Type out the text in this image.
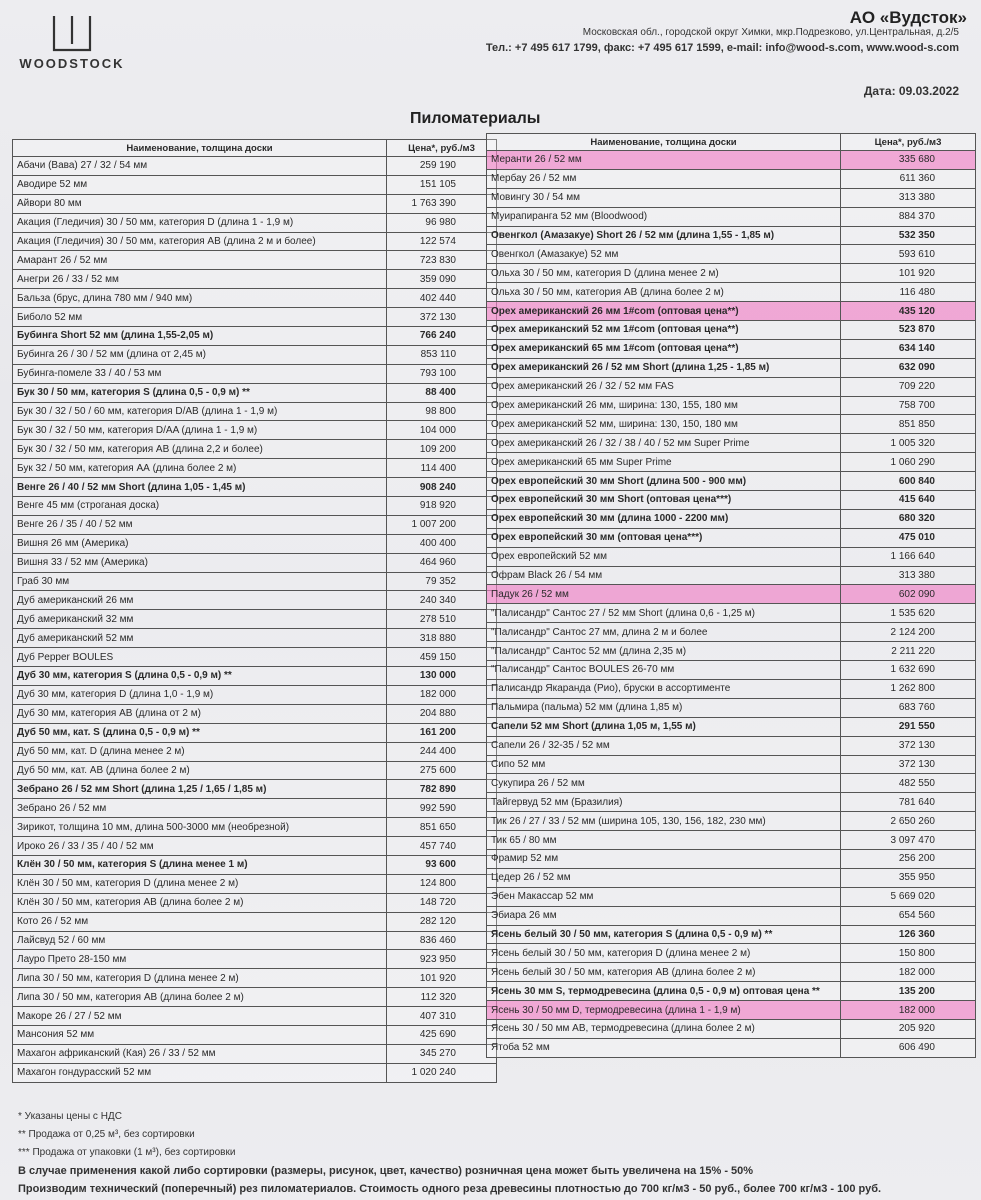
WOODSTOCK
АО «Вудсток»
Московская обл., городской округ Химки, мкр.Подрезково, ул.Центральная, д.2/5
Тел.: +7 495 617 1799, факс: +7 495 617 1599, e-mail: info@wood-s.com, www.wood-s.com
Дата: 09.03.2022
Пиломатериалы
Наименование, толщина доски	Цена*, руб./м3
Абачи (Вава) 27 / 32 / 54 мм	259 190
Аводире 52 мм	151 105
Айвори 80 мм	1 763 390
Акация (Гледичия) 30 / 50 мм, категория D (длина 1 - 1,9 м)	96 980
Акация (Гледичия) 30 / 50 мм, категория АВ (длина 2 м и более)	122 574
Амарант 26 / 52 мм	723 830
Анегри 26 / 33 / 52 мм	359 090
Бальза (брус, длина 780 мм / 940 мм)	402 440
Биболо 52 мм	372 130
Бубинга Short 52 мм (длина 1,55-2,05 м)	766 240
Бубинга 26 / 30 / 52 мм (длина от 2,45 м)	853 110
Бубинга-помеле 33 / 40 / 53 мм	793 100
Бук 30 / 50 мм, категория S (длина 0,5 - 0,9 м) **	88 400
Бук 30 / 32 / 50 / 60 мм, категория D/AB (длина 1 - 1,9 м)	98 800
Бук 30 / 32 / 50 мм, категория D/AA (длина 1 - 1,9 м)	104 000
Бук 30 / 32 / 50 мм, категория АВ (длина 2,2 и более)	109 200
Бук 32 / 50 мм, категория АА (длина более 2 м)	114 400
Венге 26 / 40 / 52 мм Short (длина 1,05 - 1,45 м)	908 240
Венге 45 мм (строганая доска)	918 920
Венге 26 / 35 / 40 / 52 мм	1 007 200
Вишня 26 мм (Америка)	400 400
Вишня 33 / 52 мм (Америка)	464 960
Граб 30 мм	79 352
Дуб американский 26 мм	240 340
Дуб американский 32 мм	278 510
Дуб американский 52 мм	318 880
Дуб Pepper BOULES	459 150
Дуб 30 мм, категория S (длина 0,5 - 0,9 м) **	130 000
Дуб 30 мм, категория D (длина 1,0 - 1,9 м)	182 000
Дуб 30 мм, категория АВ (длина от 2 м)	204 880
Дуб 50 мм, кат. S (длина 0,5 - 0,9 м) **	161 200
Дуб 50 мм, кат. D (длина менее 2 м)	244 400
Дуб 50 мм, кат. АВ (длина более 2 м)	275 600
Зебрано 26 / 52 мм Short (длина 1,25 / 1,65 / 1,85 м)	782 890
Зебрано 26 / 52 мм	992 590
Зирикот, толщина 10 мм, длина 500-3000 мм (необрезной)	851 650
Ироко 26 / 33 / 35 / 40 / 52 мм	457 740
Клён 30 / 50 мм, категория S (длина менее 1 м)	93 600
Клён 30 / 50 мм, категория D (длина менее 2 м)	124 800
Клён 30 / 50 мм, категория АВ (длина более 2 м)	148 720
Кото 26 / 52 мм	282 120
Лайсвуд 52 / 60 мм	836 460
Лауро Прето 28-150 мм	923 950
Липа 30 / 50 мм, категория D (длина менее 2 м)	101 920
Липа 30 / 50 мм, категория АВ (длина более 2 м)	112 320
Макоре 26 / 27 / 52 мм	407 310
Мансония 52 мм	425 690
Махагон африканский (Кая) 26 / 33 / 52 мм	345 270
Махагон гондурасский 52 мм	1 020 240
Наименование, толщина доски	Цена*, руб./м3
Меранти 26 / 52 мм	335 680
Мербау 26 / 52 мм	611 360
Мовингу 30 / 54 мм	313 380
Муирапиранга 52 мм (Bloodwood)	884 370
Овенгкол (Амазакуе) Short 26 / 52 мм (длина 1,55 - 1,85 м)	532 350
Овенгкол (Амазакуе) 52 мм	593 610
Ольха 30 / 50 мм, категория D (длина менее 2 м)	101 920
Ольха 30 / 50 мм, категория АВ (длина более 2 м)	116 480
Орех американский 26 мм 1#com (оптовая цена**)	435 120
Орех американский 52 мм 1#com (оптовая цена**)	523 870
Орех американский 65 мм 1#com (оптовая цена**)	634 140
Орех американский 26 / 52 мм Short (длина 1,25 - 1,85 м)	632 090
Орех американский 26 / 32 / 52 мм FAS	709 220
Орех американский 26 мм, ширина: 130, 155, 180 мм	758 700
Орех американский 52 мм, ширина: 130, 150, 180 мм	851 850
Орех американский 26 / 32 / 38 / 40 / 52 мм Super Prime	1 005 320
Орех американский 65 мм Super Prime	1 060 290
Орех европейский 30 мм Short (длина 500 - 900 мм)	600 840
Орех европейский 30 мм Short (оптовая цена***)	415 640
Орех европейский 30 мм (длина 1000 - 2200 мм)	680 320
Орех европейский 30 мм (оптовая цена***)	475 010
Орех европейский 52 мм	1 166 640
Офрам Black 26 / 54 мм	313 380
Падук 26 / 52 мм	602 090
"Палисандр" Сантос 27 / 52 мм Short (длина 0,6 - 1,25 м)	1 535 620
"Палисандр" Сантос 27 мм, длина 2 м и более	2 124 200
"Палисандр" Сантос 52 мм (длина 2,35 м)	2 211 220
"Палисандр" Сантос BOULES 26-70 мм	1 632 690
Палисандр Якаранда (Рио), бруски в ассортименте	1 262 800
Пальмира (пальма) 52 мм (длина 1,85 м)	683 760
Сапели 52 мм Short (длина 1,05 м, 1,55 м)	291 550
Сапели 26 / 32-35 / 52 мм	372 130
Сипо 52 мм	372 130
Сукупира 26 / 52 мм	482 550
Тайгервуд 52 мм (Бразилия)	781 640
Тик 26 / 27 / 33 / 52 мм (ширина 105, 130, 156, 182, 230 мм)	2 650 260
Тик 65 / 80 мм	3 097 470
Фрамир 52 мм	256 200
Цедер 26 / 52 мм	355 950
Эбен Макассар 52 мм	5 669 020
Эбиара 26 мм	654 560
Ясень белый 30 / 50 мм, категория S (длина 0,5 - 0,9 м) **	126 360
Ясень белый 30 / 50 мм, категория D (длина менее 2 м)	150 800
Ясень белый 30 / 50 мм, категория АВ (длина более 2 м)	182 000
Ясень 30 мм S, термодревесина (длина 0,5 - 0,9 м) оптовая цена **	135 200
Ясень 30 / 50 мм D, термодревесина (длина 1 - 1,9 м)	182 000
Ясень 30 / 50 мм АВ, термодревесина (длина более 2 м)	205 920
Ятоба 52 мм	606 490
* Указаны цены с НДС
** Продажа от 0,25 м³, без сортировки
*** Продажа от упаковки (1 м³), без сортировки
В случае применения какой либо сортировки (размеры, рисунок, цвет, качество) розничная цена может быть увеличена на 15% - 50%
Производим технический (поперечный) рез пиломатериалов. Стоимость одного реза древесины плотностью до 700 кг/м3 - 50 руб., более 700 кг/м3 - 100 руб.
